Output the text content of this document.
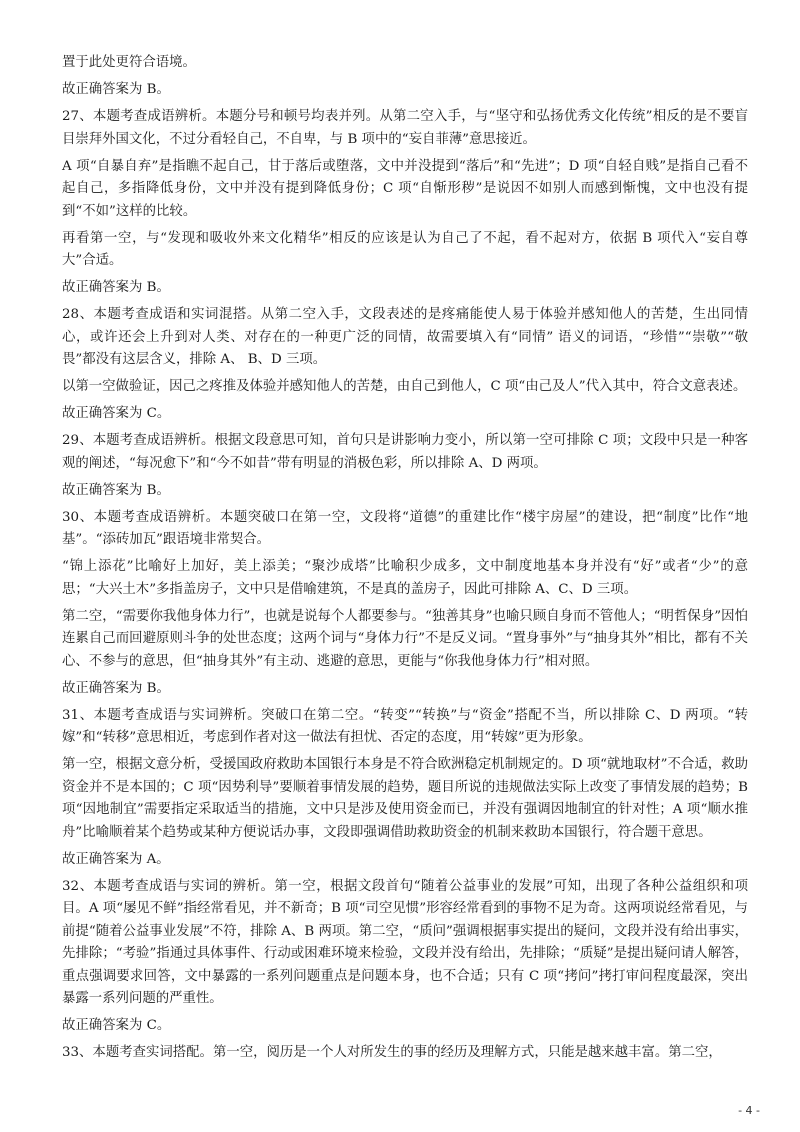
置于此处更符合语境。

故正确答案为 B。

27、本题考查成语辨析。本题分号和顿号均表并列。从第二空入手，与“坚守和弘扬优秀文化传统”相反的是不要盲目崇拜外国文化，不过分看轻自己，不自卑，与 B 项中的“妄自菲薄”意思接近。

A 项“自暴自弃”是指瞧不起自己，甘于落后或堕落，文中并没提到“落后”和“先进”；D 项“自轻自贱”是指自己看不起自己，多指降低身份，文中并没有提到降低身份；C 项“自惭形秽”是说因不如别人而感到惭愧，文中也没有提到“不如”这样的比较。

再看第一空，与“发现和吸收外来文化精华”相反的应该是认为自己了不起，看不起对方，依据 B 项代入“妄自尊大”合适。

故正确答案为 B。

28、本题考查成语和实词混搭。从第二空入手，文段表述的是疼痛能使人易于体验并感知他人的苦楚，生出同情心，或许还会上升到对人类、对存在的一种更广泛的同情，故需要填入有“同情” 语义的词语，“珍惜”“崇敬”“敬畏”都没有这层含义，排除 A、 B、D 三项。

以第一空做验证，因己之疼推及体验并感知他人的苦楚，由自己到他人，C 项“由己及人”代入其中，符合文意表述。

故正确答案为 C。

29、本题考查成语辨析。根据文段意思可知，首句只是讲影响力变小，所以第一空可排除 C 项；文段中只是一种客观的阐述，“每况愈下”和“今不如昔”带有明显的消极色彩，所以排除 A、D 两项。

故正确答案为 B。

30、本题考查成语辨析。本题突破口在第一空，文段将“道德”的重建比作“楼宇房屋”的建设，把“制度”比作“地基”。“添砖加瓦”跟语境非常契合。

“锦上添花”比喻好上加好，美上添美；“聚沙成塔”比喻积少成多，文中制度地基本身并没有“好”或者“少”的意思；“大兴土木”多指盖房子，文中只是借喻建筑，不是真的盖房子，因此可排除 A、C、D 三项。

第二空，“需要你我他身体力行”，也就是说每个人都要参与。“独善其身”也喻只顾自身而不管他人；“明哲保身”因怕连累自己而回避原则斗争的处世态度；这两个词与“身体力行”不是反义词。“置身事外”与“抽身其外”相比，都有不关心、不参与的意思，但“抽身其外”有主动、逃避的意思，更能与“你我他身体力行”相对照。

故正确答案为 B。

31、本题考查成语与实词辨析。突破口在第二空。“转变”“转换”与“资金”搭配不当，所以排除 C、D 两项。“转嫁”和“转移”意思相近，考虑到作者对这一做法有担忧、否定的态度，用“转嫁”更为形象。

第一空，根据文意分析，受援国政府救助本国银行本身是不符合欧洲稳定机制规定的。D 项“就地取材”不合适，救助资金并不是本国的；C 项“因势利导”要顺着事情发展的趋势，题目所说的违规做法实际上改变了事情发展的趋势；B 项“因地制宜”需要指定采取适当的措施，文中只是涉及使用资金而已，并没有强调因地制宜的针对性；A 项“顺水推舟”比喻顺着某个趋势或某种方便说话办事，文段即强调借助救助资金的机制来救助本国银行，符合题干意思。

故正确答案为 A。

32、本题考查成语与实词的辨析。第一空，根据文段首句“随着公益事业的发展”可知，出现了各种公益组织和项目。A 项“屡见不鲜”指经常看见，并不新奇；B 项“司空见惯”形容经常看到的事物不足为奇。这两项说经常看见，与前提“随着公益事业发展”不符，排除 A、B 两项。第二空，“质问”强调根据事实提出的疑问，文段并没有给出事实，先排除；“考验”指通过具体事件、行动或困难环境来检验，文段并没有给出，先排除；“质疑”是提出疑问请人解答，重点强调要求回答，文中暴露的一系列问题重点是问题本身，也不合适；只有 C 项“拷问”拷打审问程度最深，突出暴露一系列问题的严重性。

故正确答案为 C。

33、本题考查实词搭配。第一空，阅历是一个人对所发生的事的经历及理解方式，只能是越来越丰富。第二空，

- 4 -
